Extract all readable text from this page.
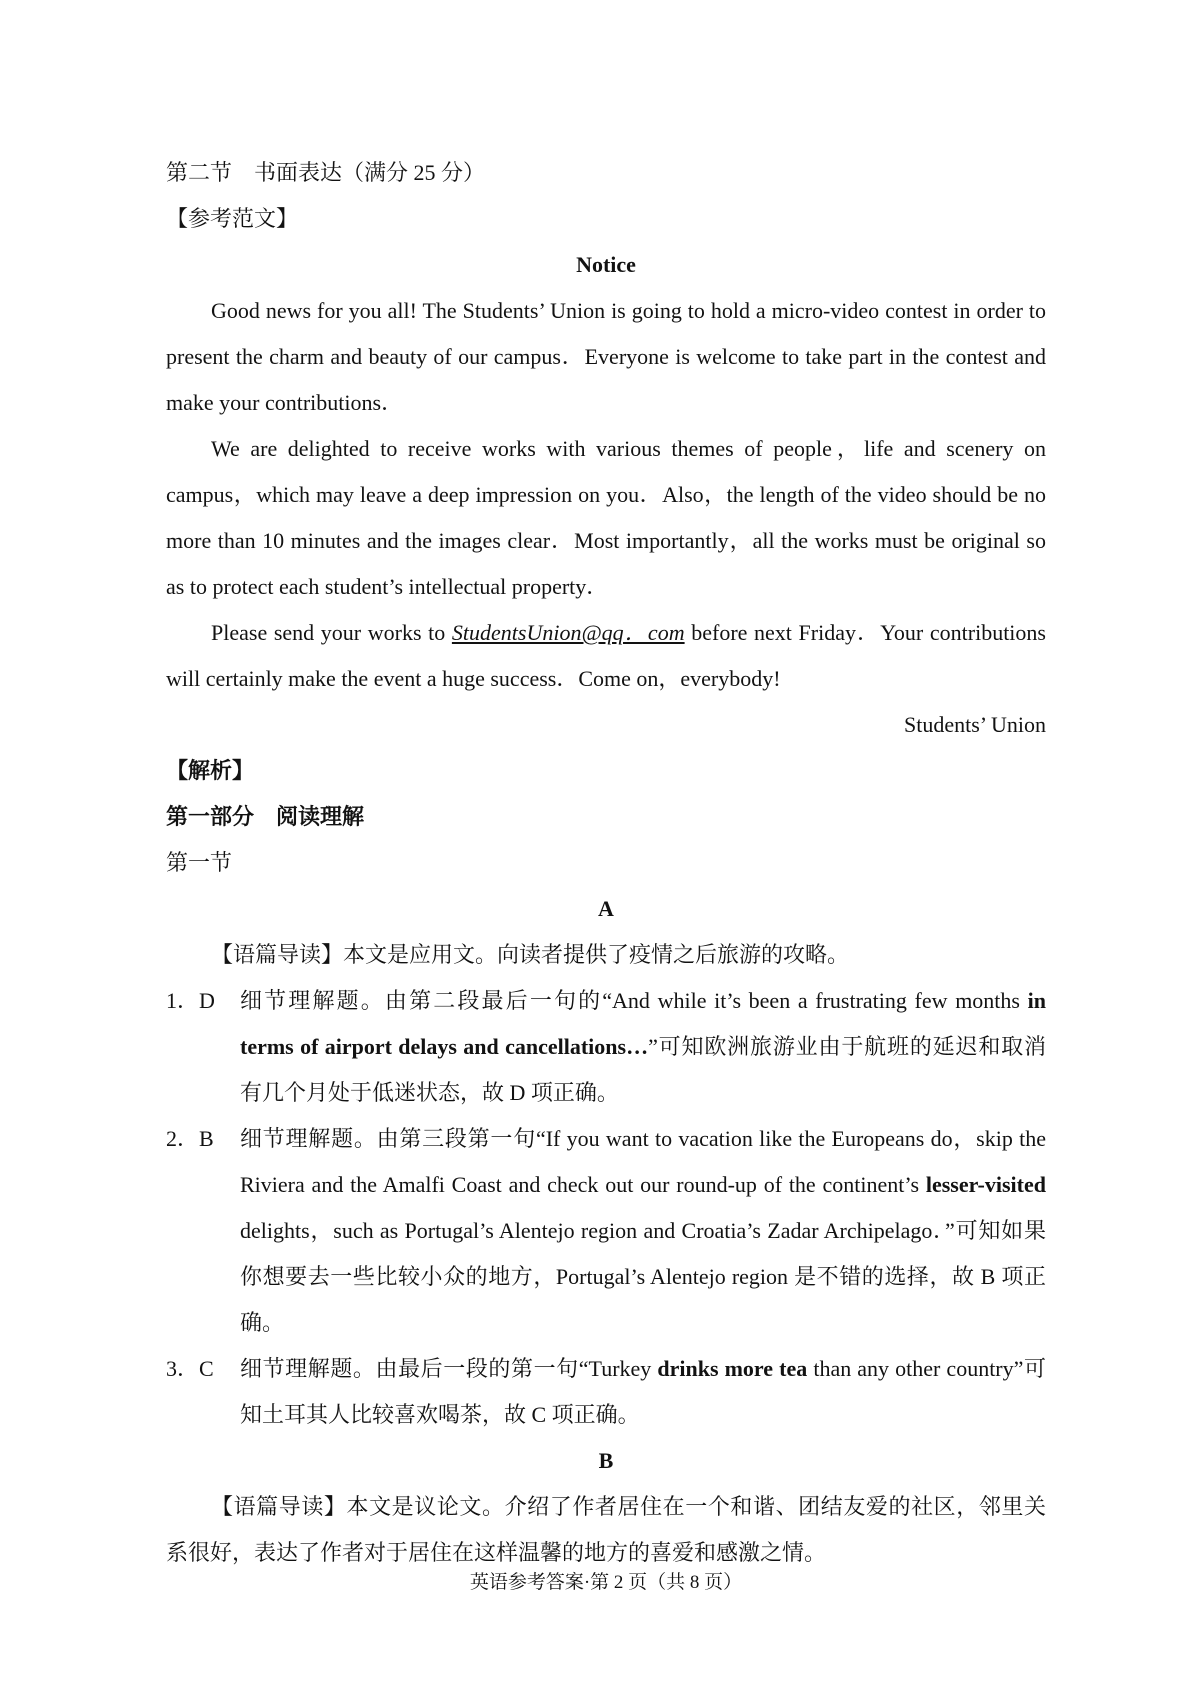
第二节　书面表达（满分 25 分）
【参考范文】
Notice

Good news for you all! The Students’ Union is going to hold a micro-video contest in order to present the charm and beauty of our campus．Everyone is welcome to take part in the contest and make your contributions．

We are delighted to receive works with various themes of people，life and scenery on campus，which may leave a deep impression on you．Also，the length of the video should be no more than 10 minutes and the images clear．Most importantly，all the works must be original so as to protect each student’s intellectual property．

Please send your works to StudentsUnion@qq．com before next Friday．Your contributions will certainly make the event a huge success．Come on，everybody!

Students’ Union
【解析】
第一部分　阅读理解
第一节
A

【语篇导读】本文是应用文。向读者提供了疫情之后旅游的攻略。

1．D	细节理解题。由第二段最后一句的“And while it’s been a frustrating few months in terms of airport delays and cancellations…”可知欧洲旅游业由于航班的延迟和取消有几个月处于低迷状态，故 D 项正确。
2．B	细节理解题。由第三段第一句“If you want to vacation like the Europeans do，skip the Riviera and the Amalfi Coast and check out our round-up of the continent’s lesser-visited delights，such as Portugal’s Alentejo region and Croatia’s Zadar Archipelago．”可知如果你想要去一些比较小众的地方，Portugal’s Alentejo region 是不错的选择，故 B 项正确。
3．C	细节理解题。由最后一段的第一句“Turkey drinks more tea than any other country”可知土耳其人比较喜欢喝茶，故 C 项正确。
B

【语篇导读】本文是议论文。介绍了作者居住在一个和谐、团结友爱的社区，邻里关系很好，表达了作者对于居住在这样温馨的地方的喜爱和感激之情。

英语参考答案·第 2 页（共 8 页）
